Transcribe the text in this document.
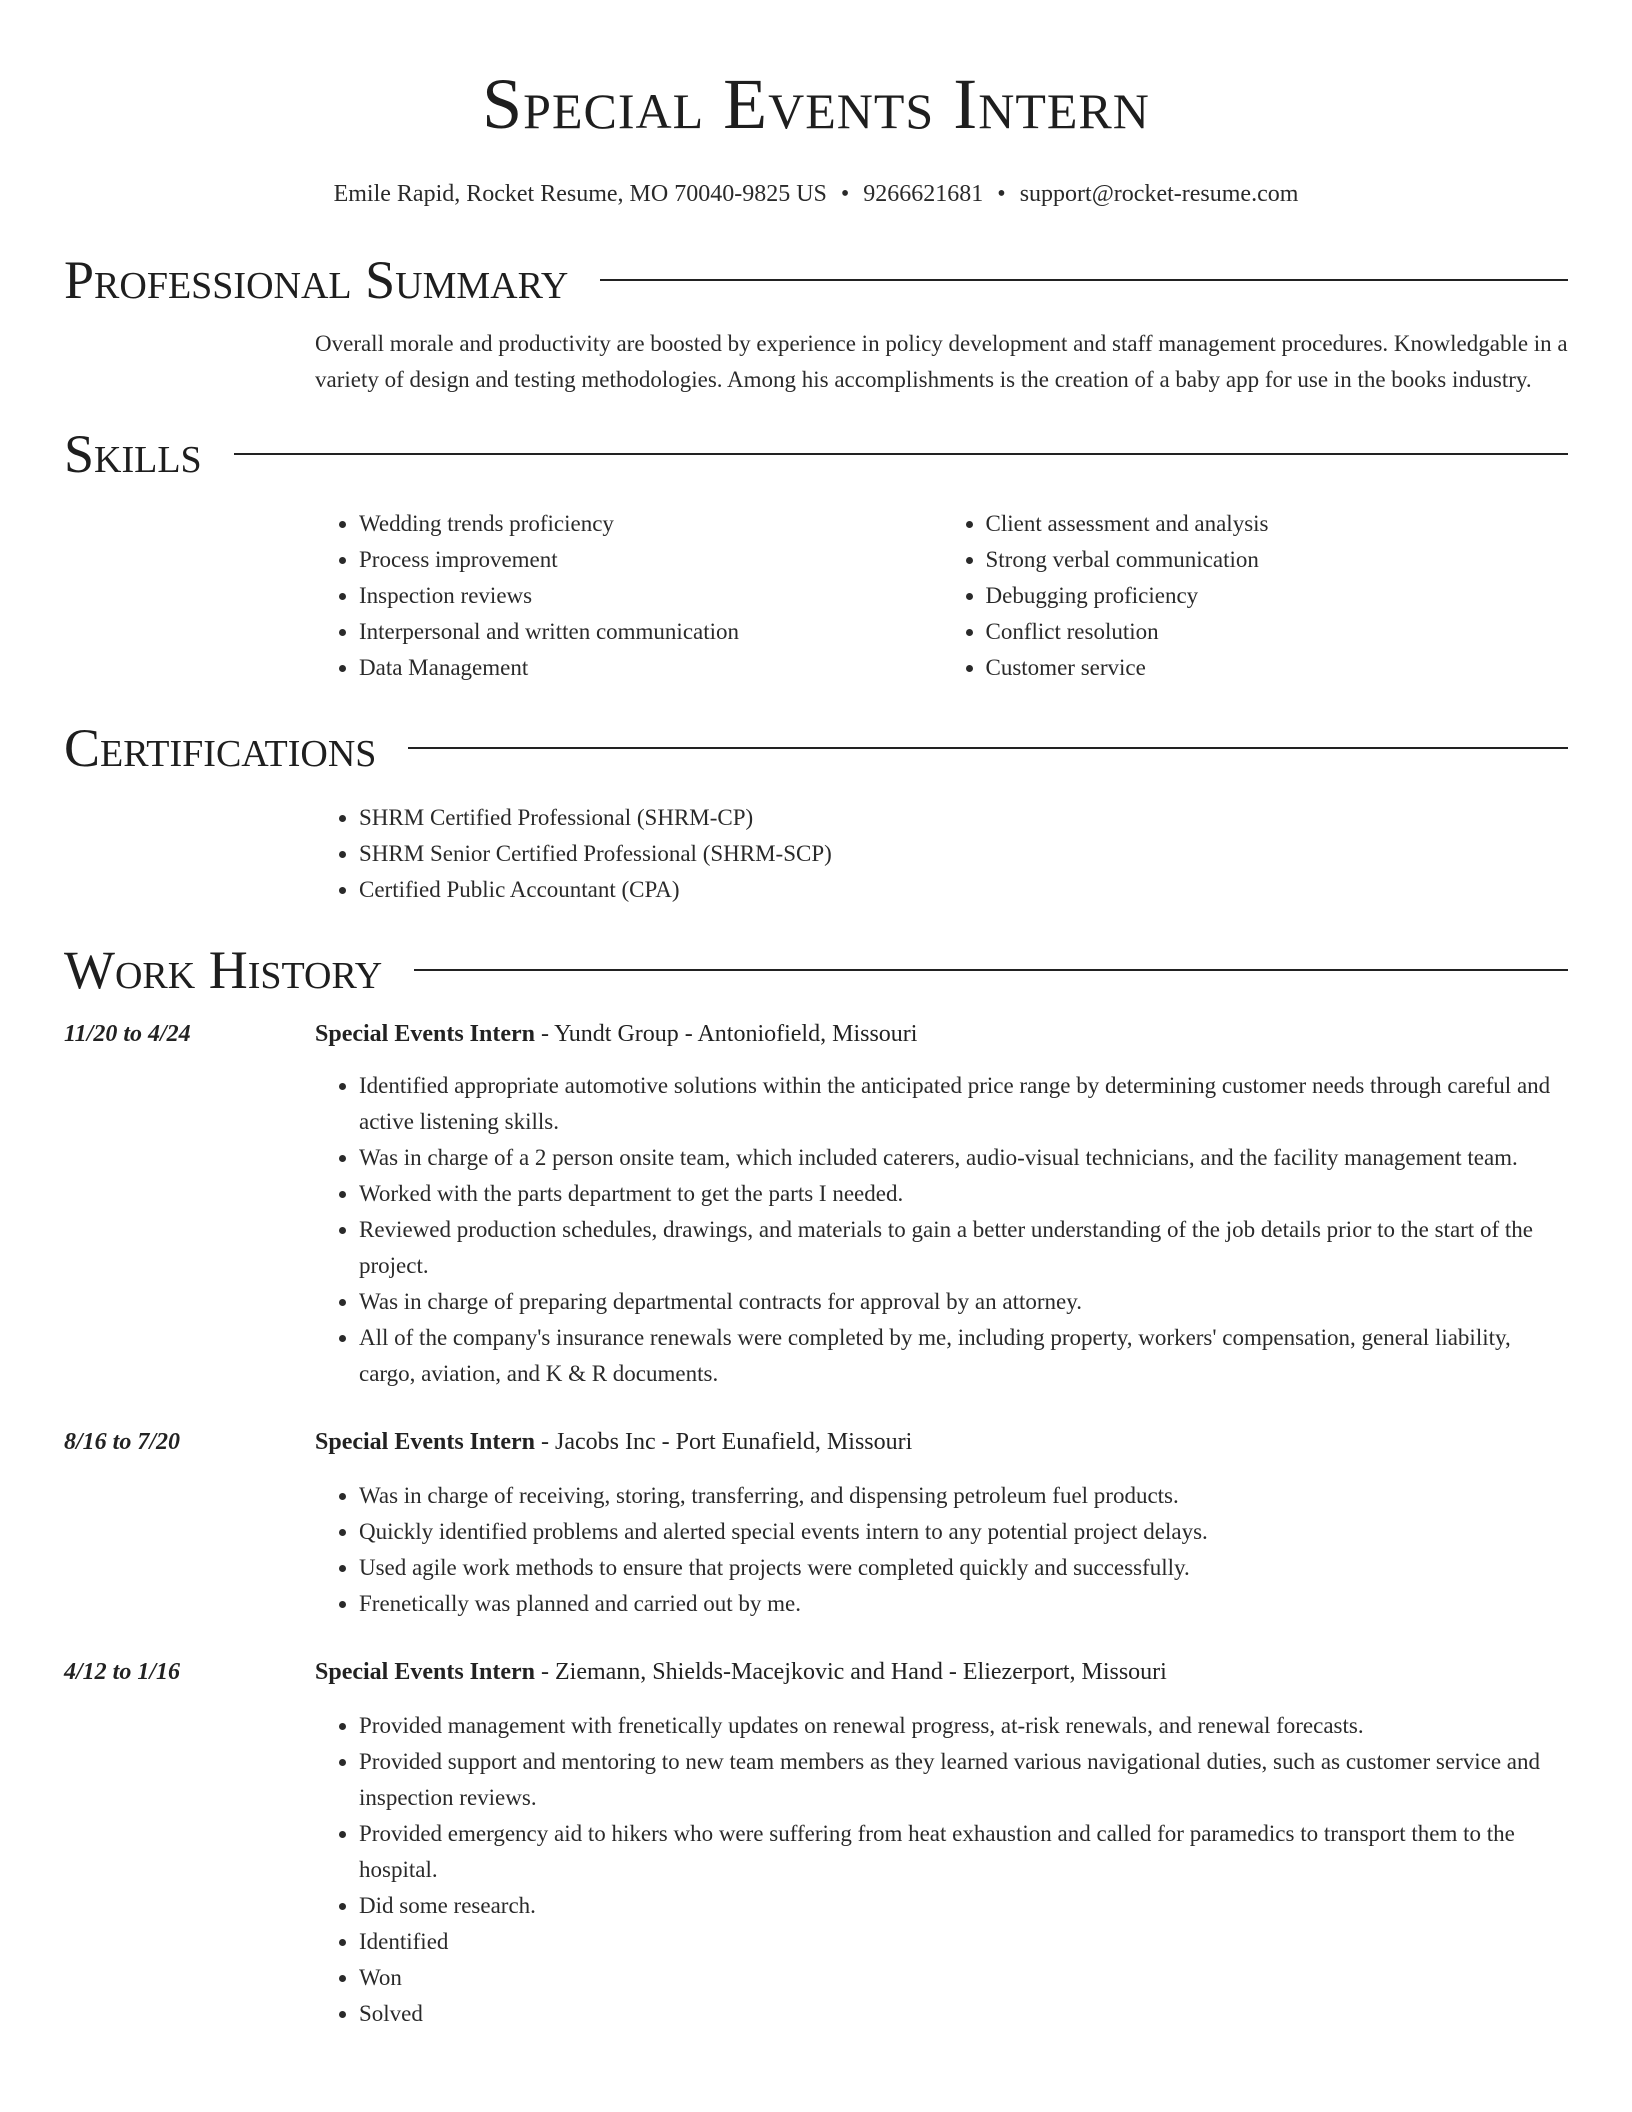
Special Events Intern
Emile Rapid, Rocket Resume, MO 70040-9825 US • 9266621681 • support@rocket-resume.com
Professional Summary
Overall morale and productivity are boosted by experience in policy development and staff management procedures. Knowledgable in a variety of design and testing methodologies. Among his accomplishments is the creation of a baby app for use in the books industry.
Skills
• Wedding trends proficiency
• Process improvement
• Inspection reviews
• Interpersonal and written communication
• Data Management
• Client assessment and analysis
• Strong verbal communication
• Debugging proficiency
• Conflict resolution
• Customer service
Certifications
• SHRM Certified Professional (SHRM-CP)
• SHRM Senior Certified Professional (SHRM-SCP)
• Certified Public Accountant (CPA)
Work History
11/20 to 4/24	Special Events Intern - Yundt Group - Antoniofield, Missouri
• Identified appropriate automotive solutions within the anticipated price range by determining customer needs through careful and active listening skills.
• Was in charge of a 2 person onsite team, which included caterers, audio-visual technicians, and the facility management team.
• Worked with the parts department to get the parts I needed.
• Reviewed production schedules, drawings, and materials to gain a better understanding of the job details prior to the start of the project.
• Was in charge of preparing departmental contracts for approval by an attorney.
• All of the company's insurance renewals were completed by me, including property, workers' compensation, general liability, cargo, aviation, and K & R documents.
8/16 to 7/20	Special Events Intern - Jacobs Inc - Port Eunafield, Missouri
• Was in charge of receiving, storing, transferring, and dispensing petroleum fuel products.
• Quickly identified problems and alerted special events intern to any potential project delays.
• Used agile work methods to ensure that projects were completed quickly and successfully.
• Frenetically was planned and carried out by me.
4/12 to 1/16	Special Events Intern - Ziemann, Shields-Macejkovic and Hand - Eliezerport, Missouri
• Provided management with frenetically updates on renewal progress, at-risk renewals, and renewal forecasts.
• Provided support and mentoring to new team members as they learned various navigational duties, such as customer service and inspection reviews.
• Provided emergency aid to hikers who were suffering from heat exhaustion and called for paramedics to transport them to the hospital.
• Did some research.
• Identified
• Won
• Solved
